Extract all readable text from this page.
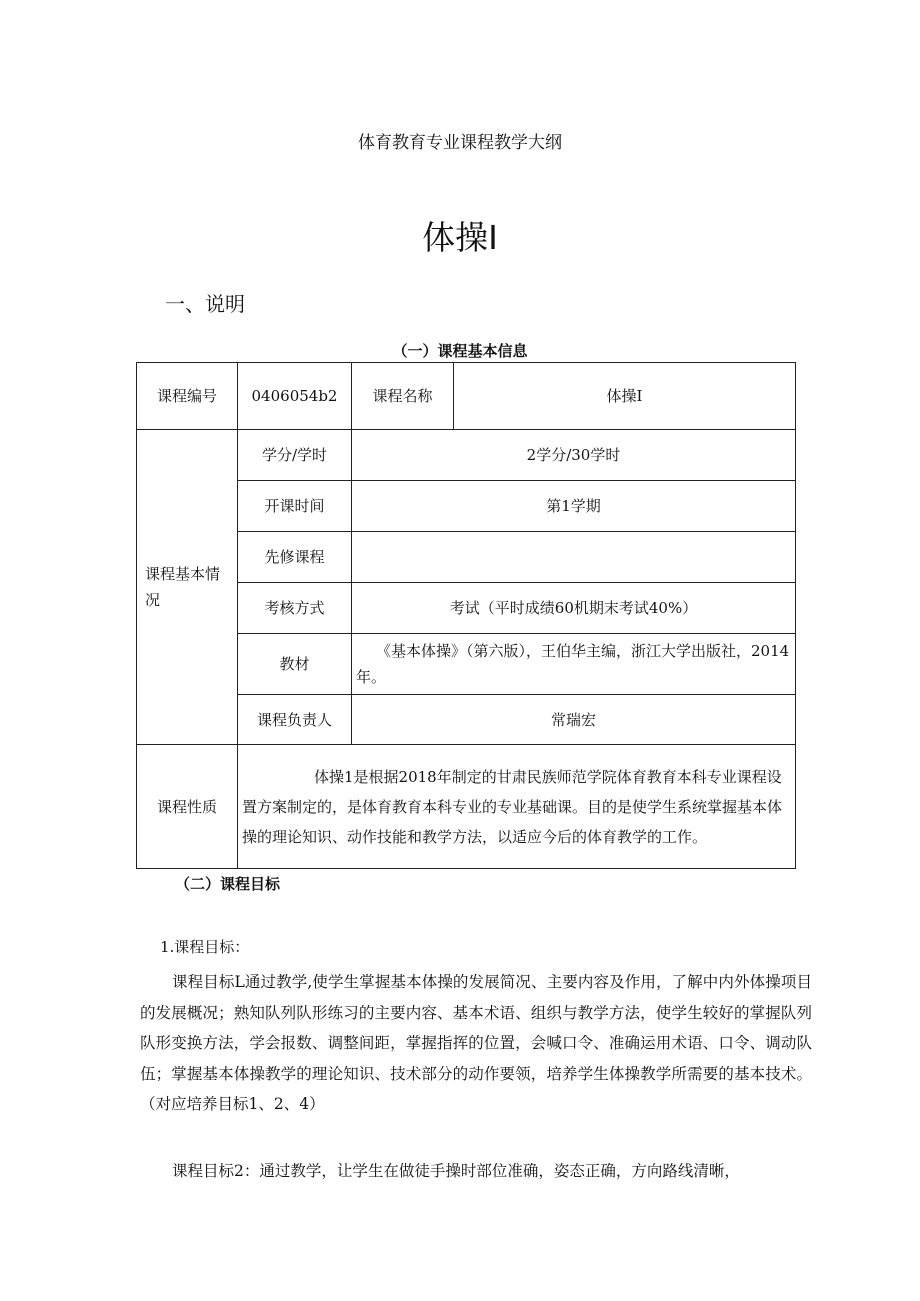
体育教育专业课程教学大纲
体操Ⅰ
一、说明
（一）课程基本信息
课程编号	0406054b2	课程名称	体操Ⅰ

课程基本情况	学分/学时	2学分/30学时	
	开课时间	第1学期	
	先修课程		
	考核方式	考试（平时成绩60机期末考试40%）	
	教材	《基本体操》（第六版），王伯华主编，浙江大学出版社，2014年。	
	课程负责人	常瑞宏	
课程性质	体操1是根据2018年制定的甘肃民族师范学院体育教育本科专业课程设置方案制定的，是体育教育本科专业的专业基础课。目的是使学生系统掌握基本体操的理论知识、动作技能和教学方法，以适应今后的体育教学的工作。		
（二）课程目标
1.课程目标：

课程目标L通过教学,使学生掌握基本体操的发展简况、主要内容及作用，了解中内外体操项目的发展概况；熟知队列队形练习的主要内容、基本术语、组织与教学方法，使学生较好的掌握队列队形变换方法，学会报数、调整间距，掌握指挥的位置，会喊口令、准确运用术语、口令、调动队伍；掌握基本体操教学的理论知识、技术部分的动作要领，培养学生体操教学所需要的基本技术。（对应培养目标1、2、4）

课程目标2：通过教学，让学生在做徒手操时部位准确，姿态正确，方向路线清晰，
